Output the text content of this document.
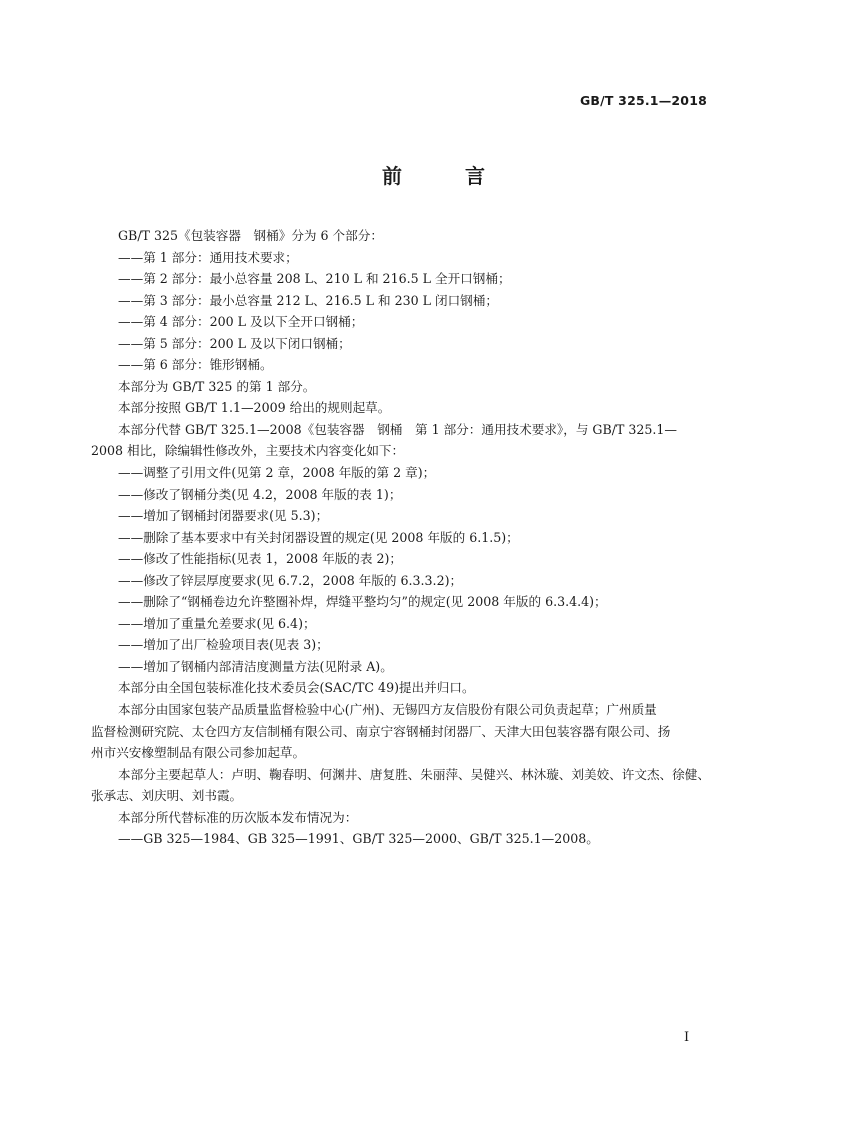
GB/T 325.1—2018
前 言
GB/T 325《包装容器　钢桶》分为 6 个部分：
——第 1 部分：通用技术要求；
——第 2 部分：最小总容量 208 L、210 L 和 216.5 L 全开口钢桶；
——第 3 部分：最小总容量 212 L、216.5 L 和 230 L 闭口钢桶；
——第 4 部分：200 L 及以下全开口钢桶；
——第 5 部分：200 L 及以下闭口钢桶；
——第 6 部分：锥形钢桶。
本部分为 GB/T 325 的第 1 部分。
本部分按照 GB/T 1.1—2009 给出的规则起草。
本部分代替 GB/T 325.1—2008《包装容器　钢桶　第 1 部分：通用技术要求》，与 GB/T 325.1—
2008 相比，除编辑性修改外，主要技术内容变化如下：
——调整了引用文件(见第 2 章，2008 年版的第 2 章)；
——修改了钢桶分类(见 4.2，2008 年版的表 1)；
——增加了钢桶封闭器要求(见 5.3)；
——删除了基本要求中有关封闭器设置的规定(见 2008 年版的 6.1.5)；
——修改了性能指标(见表 1，2008 年版的表 2)；
——修改了锌层厚度要求(见 6.7.2，2008 年版的 6.3.3.2)；
——删除了“钢桶卷边允许整圈补焊，焊缝平整均匀”的规定(见 2008 年版的 6.3.4.4)；
——增加了重量允差要求(见 6.4)；
——增加了出厂检验项目表(见表 3)；
——增加了钢桶内部清洁度测量方法(见附录 A)。
本部分由全国包装标准化技术委员会(SAC/TC 49)提出并归口。
本部分由国家包装产品质量监督检验中心(广州)、无锡四方友信股份有限公司负责起草；广州质量
监督检测研究院、太仓四方友信制桶有限公司、南京宁容钢桶封闭器厂、天津大田包装容器有限公司、扬
州市兴安橡塑制品有限公司参加起草。
本部分主要起草人：卢明、鞠春明、何渊井、唐复胜、朱丽萍、吴健兴、林沐璇、刘美姣、许文杰、徐健、
张承志、刘庆明、刘书霞。
本部分所代替标准的历次版本发布情况为：
——GB 325—1984、GB 325—1991、GB/T 325—2000、GB/T 325.1—2008。
I
